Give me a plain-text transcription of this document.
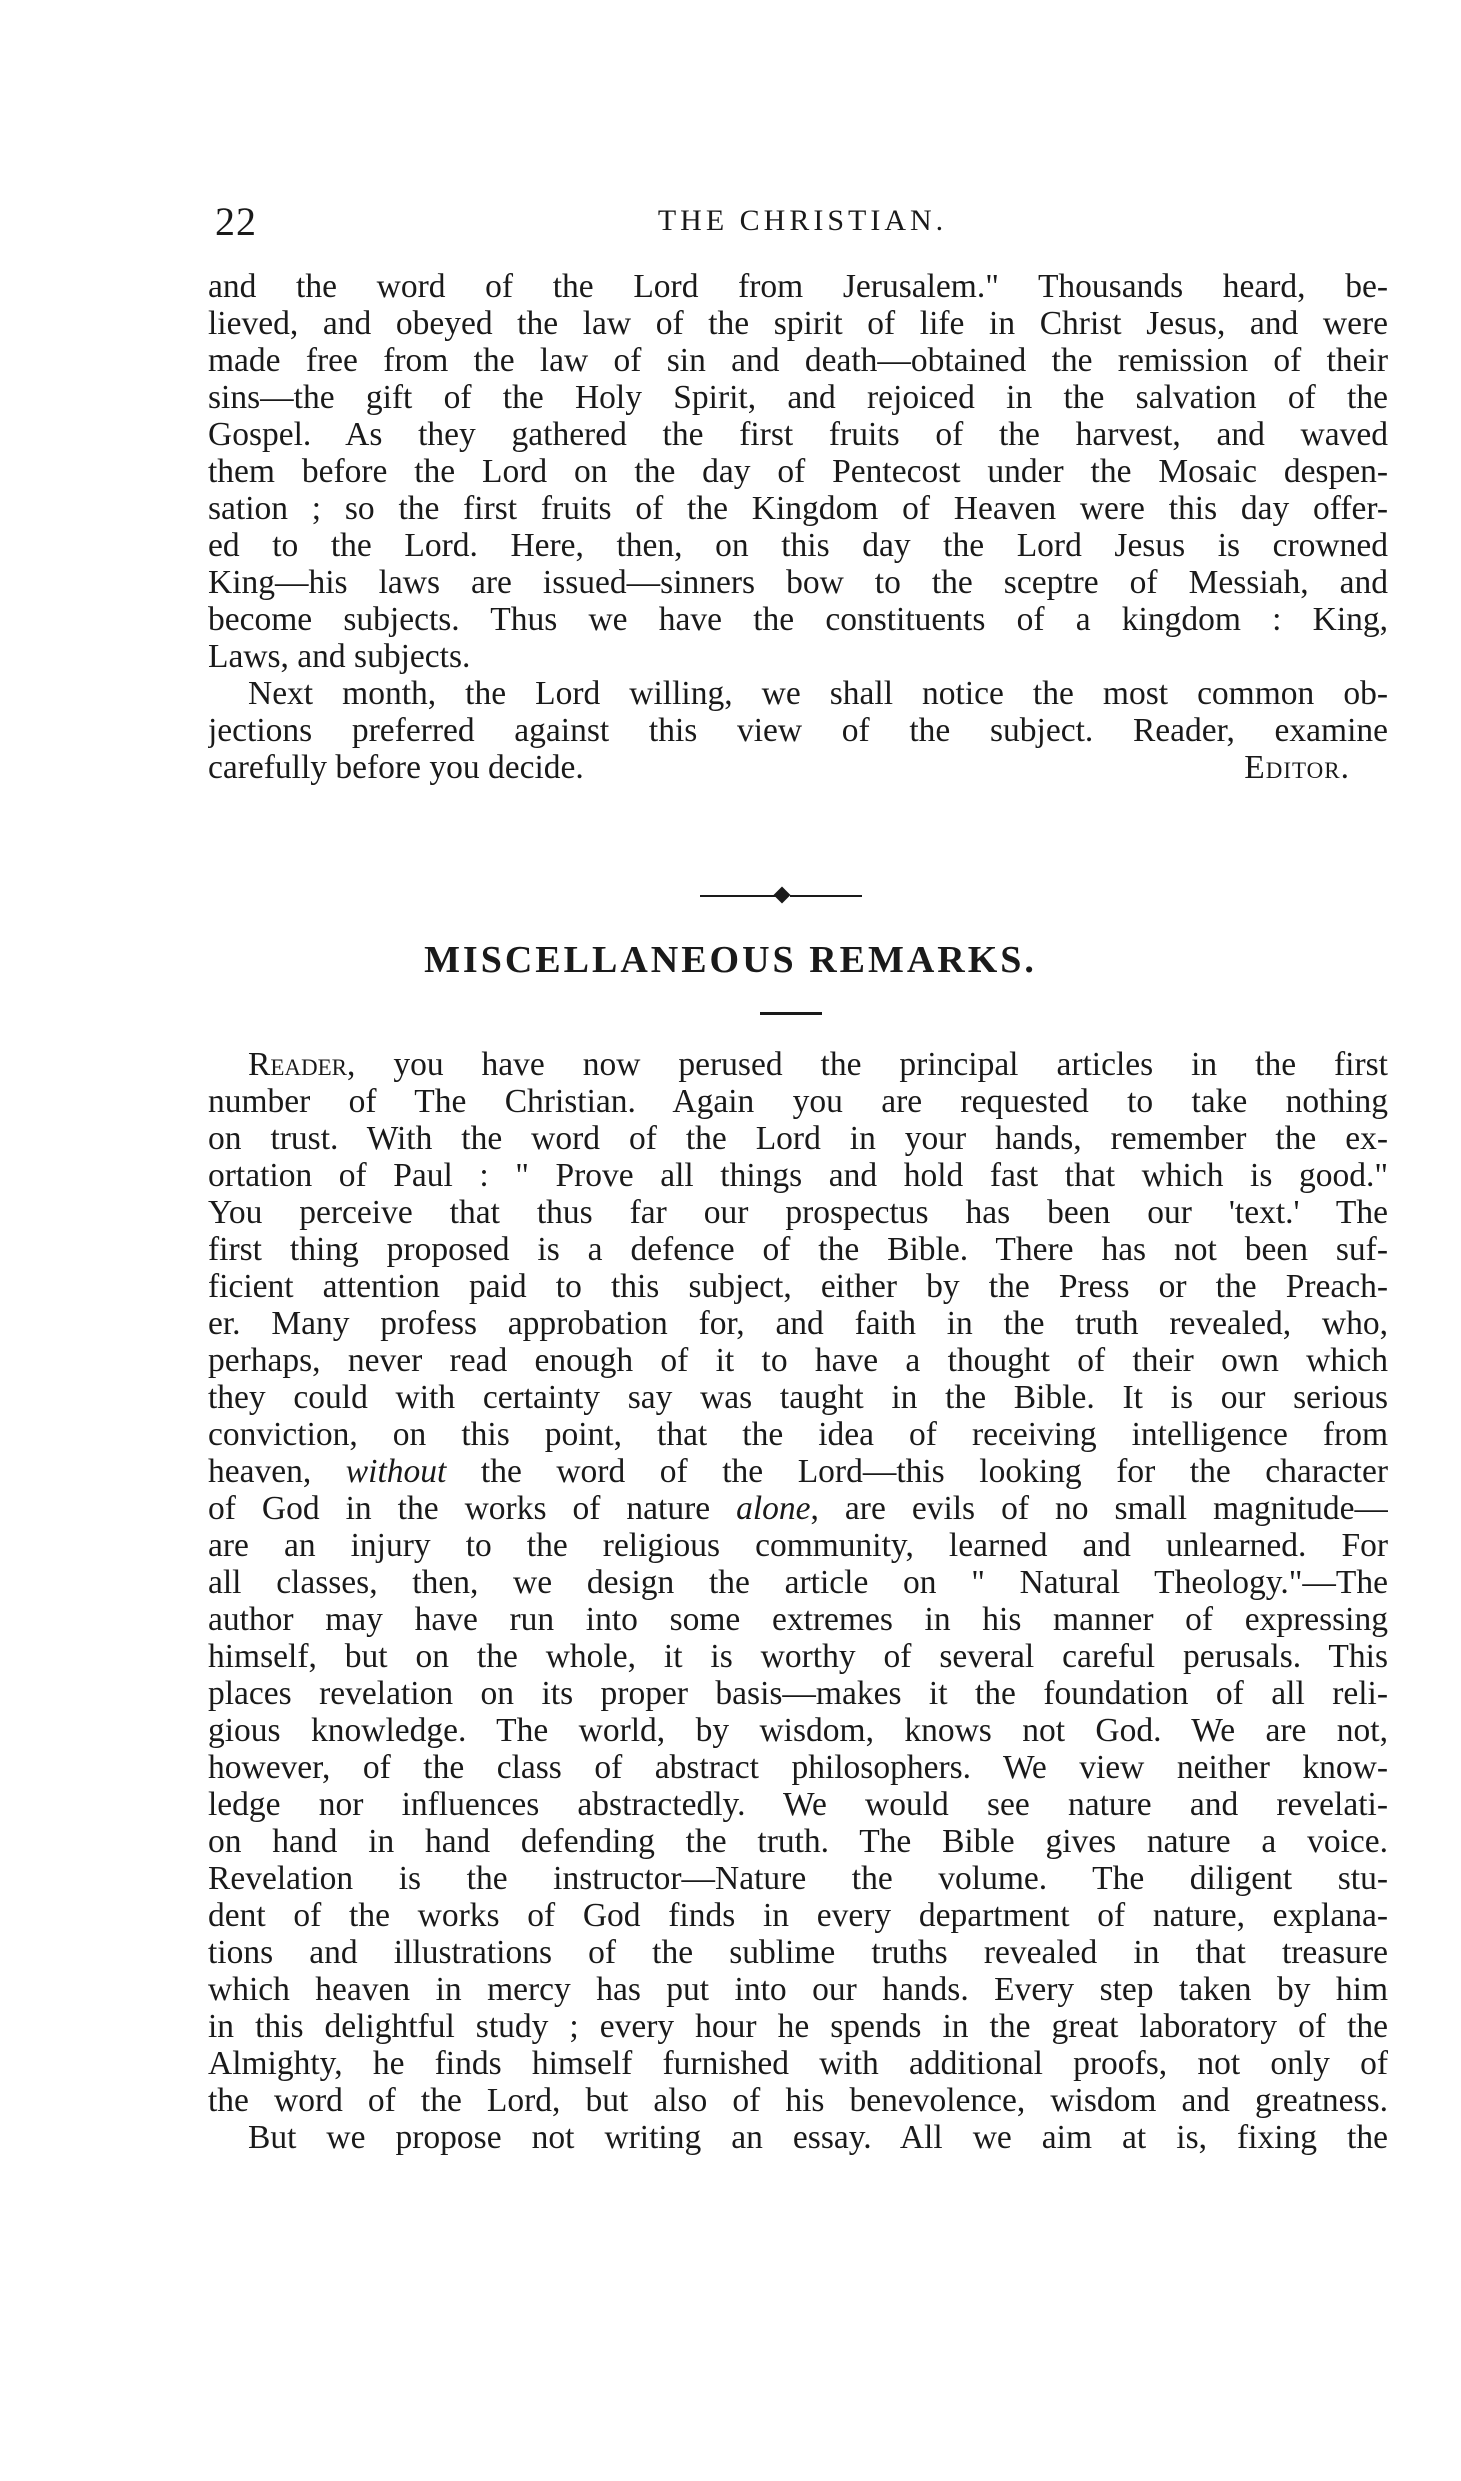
22	THE CHRISTIAN.
and the word of the Lord from Jerusalem." Thousands heard, be-
lieved, and obeyed the law of the spirit of life in Christ Jesus, and were
made free from the law of sin and death—obtained the remission of their
sins—the gift of the Holy Spirit, and rejoiced in the salvation of the
Gospel. As they gathered the first fruits of the harvest, and waved
them before the Lord on the day of Pentecost under the Mosaic despen-
sation ; so the first fruits of the Kingdom of Heaven were this day offer-
ed to the Lord. Here, then, on this day the Lord Jesus is crowned
King—his laws are issued—sinners bow to the sceptre of Messiah, and
become subjects. Thus we have the constituents of a kingdom : King,
Laws, and subjects.
Next month, the Lord willing, we shall notice the most common ob-
jections preferred against this view of the subject. Reader, examine
carefully before you decide.	Editor.
MISCELLANEOUS REMARKS.
Reader, you have now perused the principal articles in the first
number of The Christian. Again you are requested to take nothing
on trust. With the word of the Lord in your hands, remember the ex-
ortation of Paul : " Prove all things and hold fast that which is good."
You perceive that thus far our prospectus has been our 'text.' The
first thing proposed is a defence of the Bible. There has not been suf-
ficient attention paid to this subject, either by the Press or the Preach-
er. Many profess approbation for, and faith in the truth revealed, who,
perhaps, never read enough of it to have a thought of their own which
they could with certainty say was taught in the Bible. It is our serious
conviction, on this point, that the idea of receiving intelligence from
heaven, without the word of the Lord—this looking for the character
of God in the works of nature alone, are evils of no small magnitude—
are an injury to the religious community, learned and unlearned. For
all classes, then, we design the article on " Natural Theology."—The
author may have run into some extremes in his manner of expressing
himself, but on the whole, it is worthy of several careful perusals. This
places revelation on its proper basis—makes it the foundation of all reli-
gious knowledge. The world, by wisdom, knows not God. We are not,
however, of the class of abstract philosophers. We view neither know-
ledge nor influences abstractedly. We would see nature and revelati-
on hand in hand defending the truth. The Bible gives nature a voice.
Revelation is the instructor—Nature the volume. The diligent stu-
dent of the works of God finds in every department of nature, explana-
tions and illustrations of the sublime truths revealed in that treasure
which heaven in mercy has put into our hands. Every step taken by him
in this delightful study ; every hour he spends in the great laboratory of the
Almighty, he finds himself furnished with additional proofs, not only of
the word of the Lord, but also of his benevolence, wisdom and greatness.
But we propose not writing an essay. All we aim at is, fixing the
